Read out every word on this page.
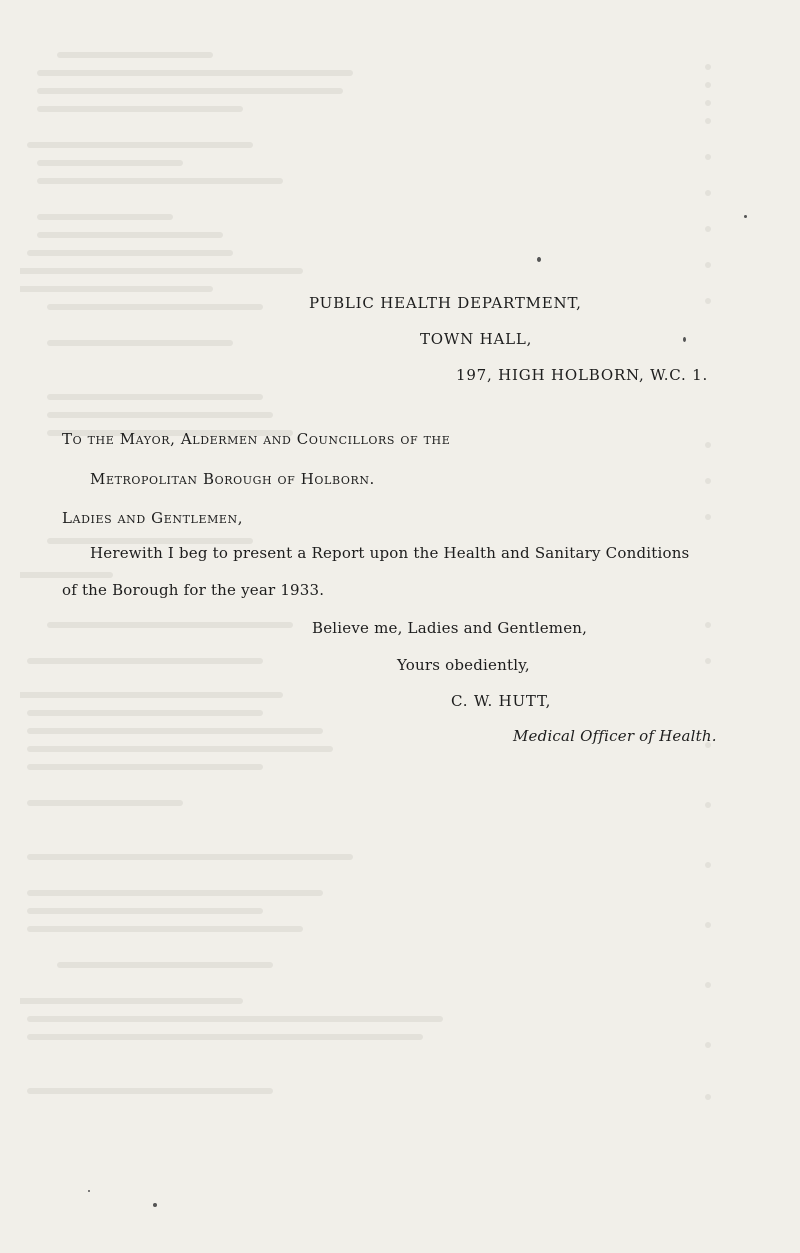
PUBLIC HEALTH DEPARTMENT,
TOWN HALL,
197, HIGH HOLBORN, W.C. 1.
To the Mayor, Aldermen and Councillors of the
Metropolitan Borough of Holborn.
Ladies and Gentlemen,
Herewith I beg to present a Report upon the Health and Sanitary Conditions
of the Borough for the year 1933.
Believe me, Ladies and Gentlemen,
Yours obediently,
C. W. HUTT,
Medical Officer of Health.
